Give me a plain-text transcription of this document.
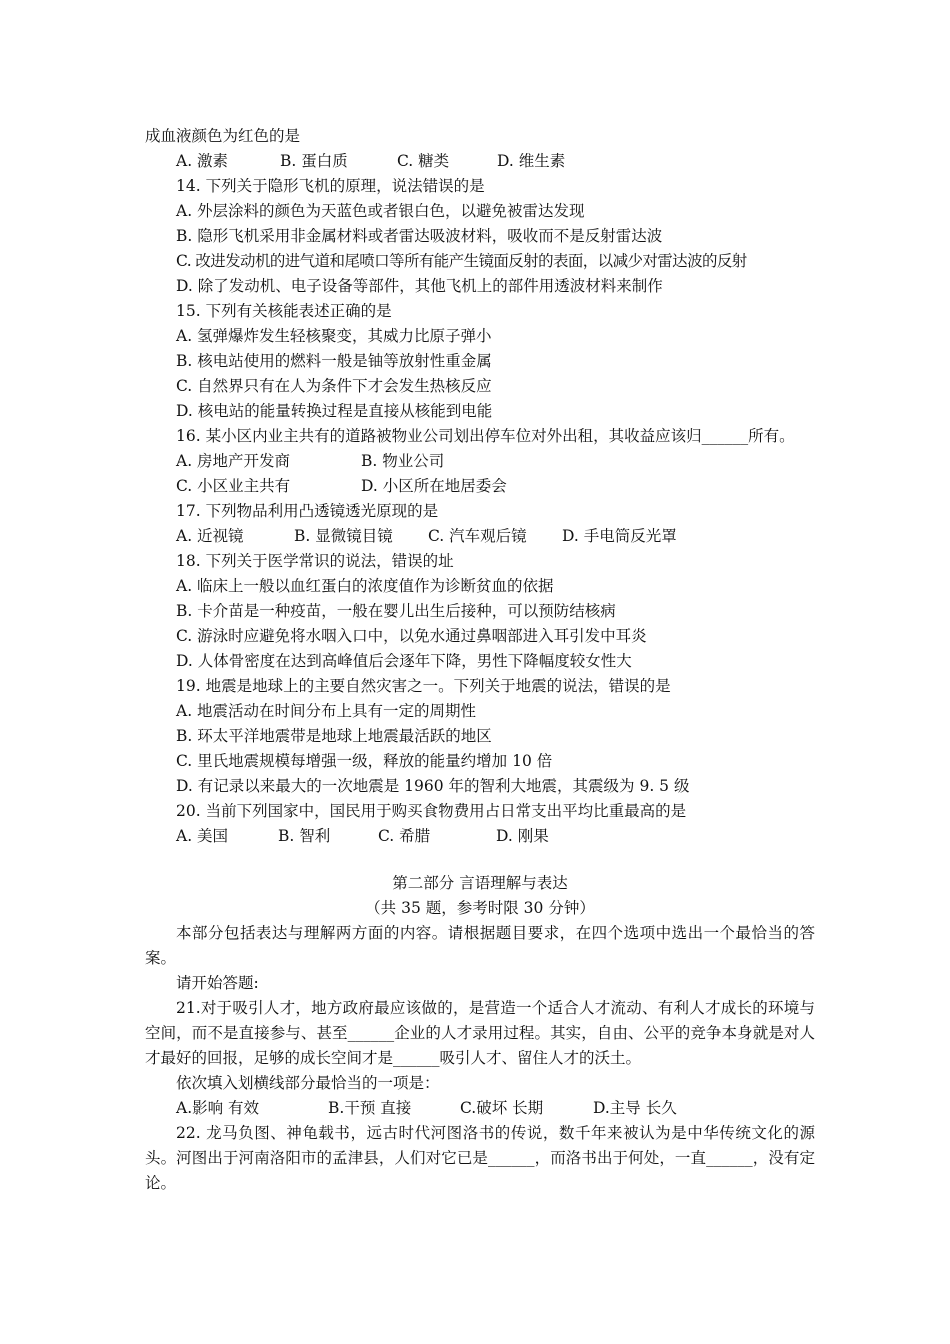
成血液颜色为红色的是
A. 激素	B. 蛋白质	C. 糖类	D. 维生素
14. 下列关于隐形飞机的原理，说法错误的是
A. 外层涂料的颜色为天蓝色或者银白色，以避免被雷达发现
B. 隐形飞机采用非金属材料或者雷达吸波材料，吸收而不是反射雷达波
C. 改进发动机的进气道和尾喷口等所有能产生镜面反射的表面，以减少对雷达波的反射
D. 除了发动机、电子设备等部件，其他飞机上的部件用透波材料来制作
15. 下列有关核能表述正确的是
A. 氢弹爆炸发生轻核聚变，其威力比原子弹小
B. 核电站使用的燃料一般是铀等放射性重金属
C. 自然界只有在人为条件下才会发生热核反应
D. 核电站的能量转换过程是直接从核能到电能
16. 某小区内业主共有的道路被物业公司划出停车位对外出租，其收益应该归______所有。
A. 房地产开发商	B. 物业公司
C. 小区业主共有	D. 小区所在地居委会
17. 下列物品利用凸透镜透光原现的是
A. 近视镜	B. 显微镜目镜 C. 汽车观后镜 D. 手电筒反光罩
18. 下列关于医学常识的说法，错误的址
A. 临床上一般以血红蛋白的浓度值作为诊断贫血的依据
B. 卡介苗是一种疫苗，一般在婴儿出生后接种，可以预防结核病
C. 游泳时应避免将水咽入口中，以免水通过鼻咽部进入耳引发中耳炎
D. 人体骨密度在达到高峰值后会逐年下降，男性下降幅度较女性大
19. 地震是地球上的主要自然灾害之一。下列关于地震的说法，错误的是
A. 地震活动在时间分布上具有一定的周期性
B. 环太平洋地震带是地球上地震最活跃的地区
C. 里氏地震规模每增强一级，释放的能量约增加 10 倍
D. 有记录以来最大的一次地震是 1960 年的智利大地震，其震级为 9. 5 级
20. 当前下列国家中，国民用于购买食物费用占日常支出平均比重最高的是
A. 美国	B. 智利	C. 希腊	D. 刚果
第二部分 言语理解与表达
（共 35 题，参考时限 30 分钟）
本部分包括表达与理解两方面的内容。请根据题目要求，在四个选项中选出一个最恰当的答案。
请开始答题:
21.对于吸引人才，地方政府最应该做的，是营造一个适合人才流动、有利人才成长的环境与空间，而不是直接参与、甚至______企业的人才录用过程。其实，自由、公平的竞争本身就是对人才最好的回报，足够的成长空间才是______吸引人才、留住人才的沃土。
依次填入划横线部分最恰当的一项是：
A.影响 有效	B.干预 直接	C.破坏 长期	D.主导 长久
22. 龙马负图、神龟载书，远古时代河图洛书的传说，数千年来被认为是中华传统文化的源头。河图出于河南洛阳市的孟津县，人们对它已是______，而洛书出于何处，一直______，没有定论。
